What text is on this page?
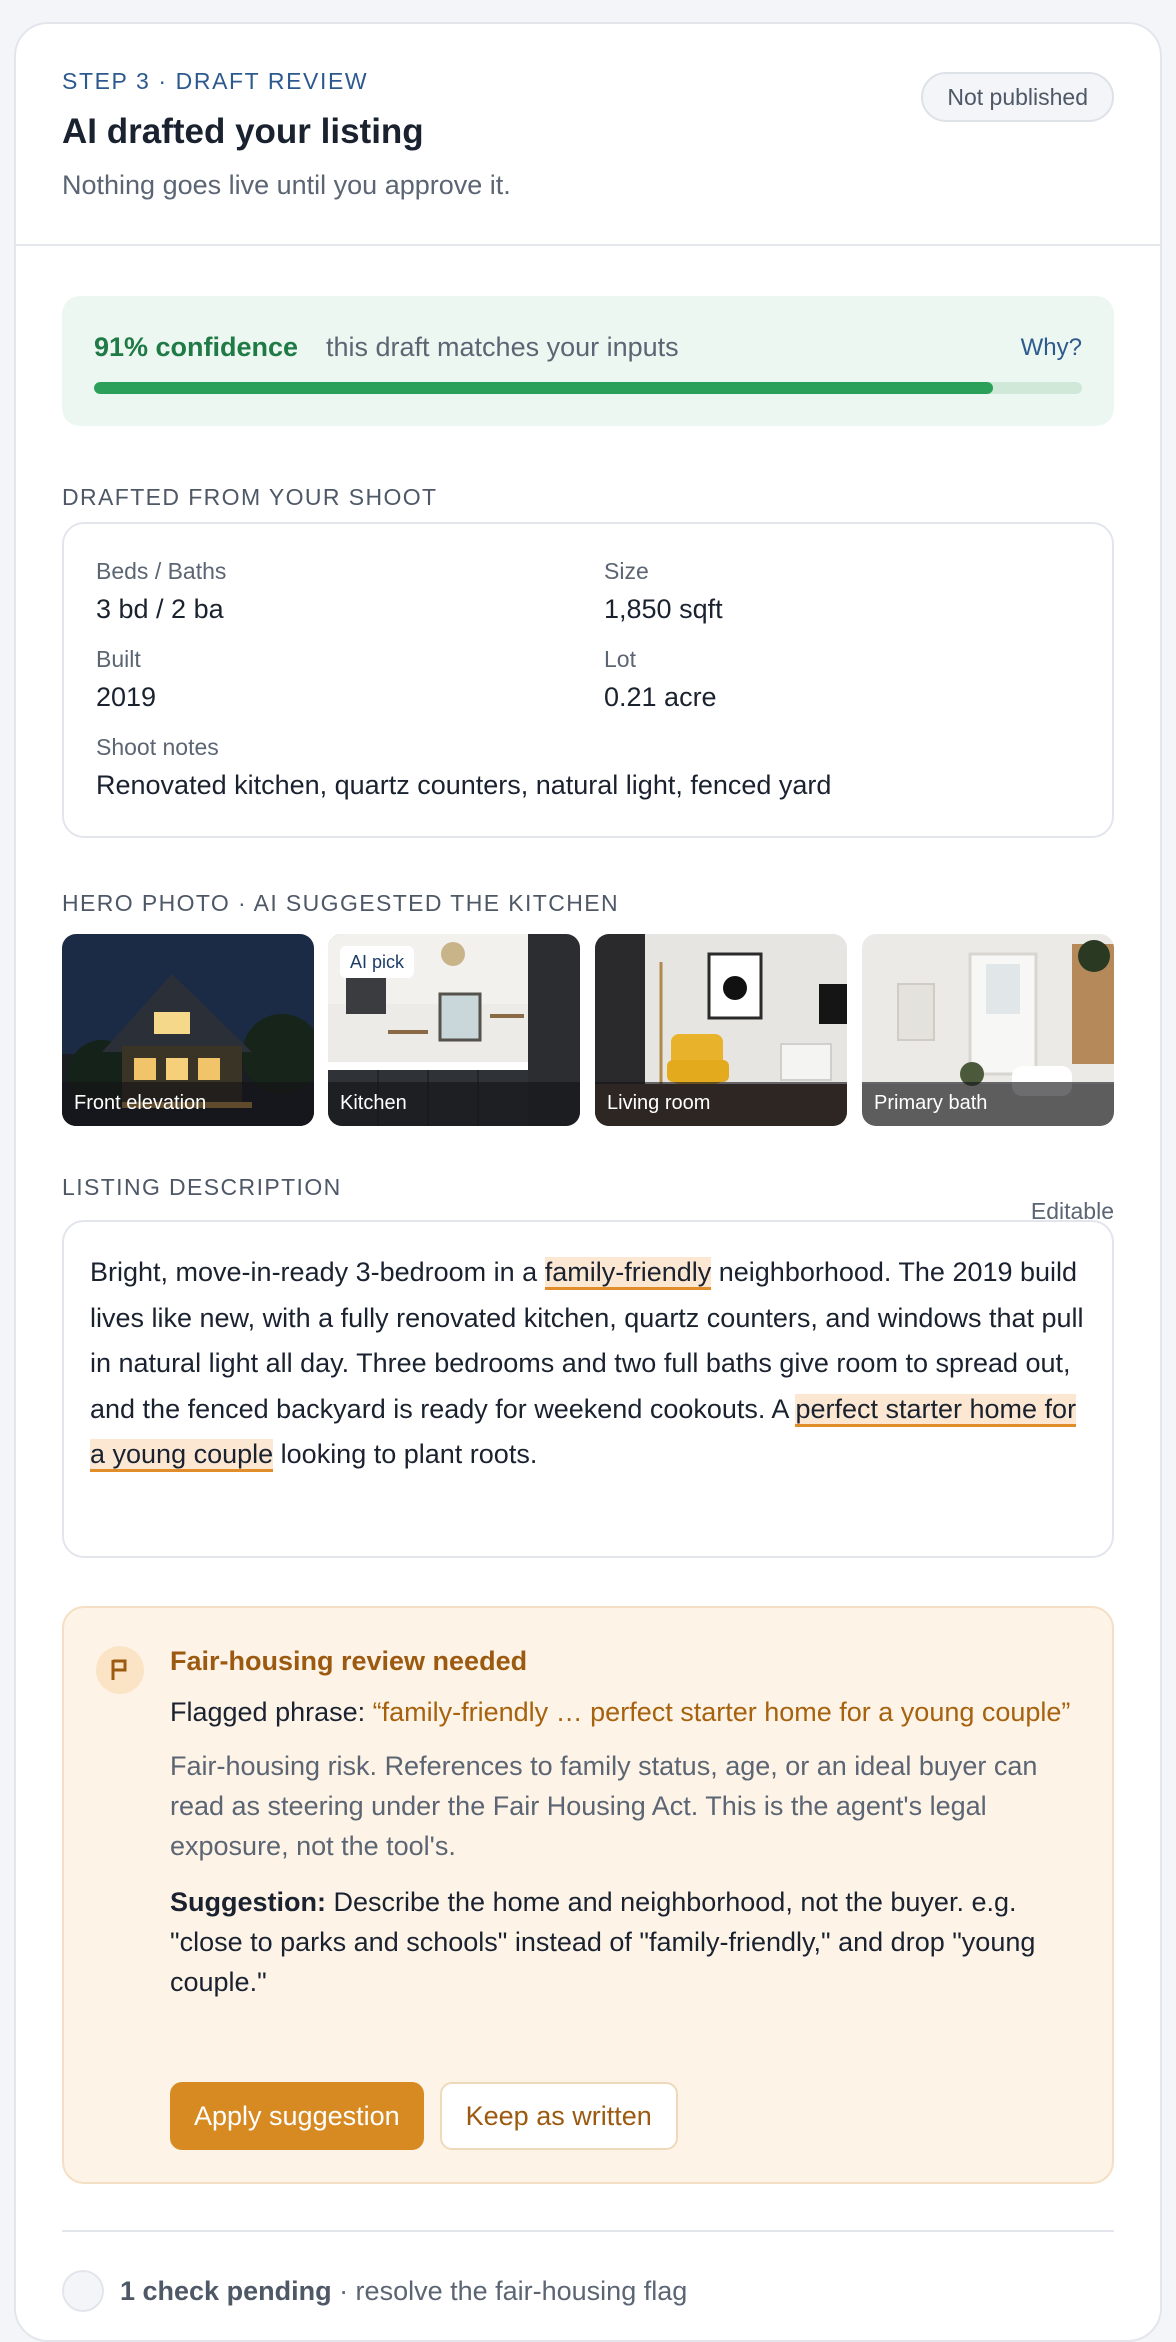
STEP 3 · DRAFT REVIEW
AI drafted your listing
Nothing goes live until you approve it.
Not published
91% confidence this draft matches your inputs	Why?
DRAFTED FROM YOUR SHOOT
Beds / Baths
3 bd / 2 ba
Size
1,850 sqft
Built
2019
Lot
0.21 acre
Shoot notes
Renovated kitchen, quartz counters, natural light, fenced yard
HERO PHOTO · AI SUGGESTED THE KITCHEN
Front elevation
AI pick
Kitchen	Living room	Primary bath
LISTING DESCRIPTION
Editable
Bright, move-in-ready 3-bedroom in a family-friendly neighborhood. The 2019 build lives like new, with a fully renovated kitchen, quartz counters, and windows that pull in natural light all day. Three bedrooms and two full baths give room to spread out, and the fenced backyard is ready for weekend cookouts. A perfect starter home for a young couple looking to plant roots.
Fair-housing review needed
Flagged phrase: “family-friendly … perfect starter home for a young couple”
Fair-housing risk. References to family status, age, or an ideal buyer can read as steering under the Fair Housing Act. This is the agent's legal exposure, not the tool's.
Suggestion: Describe the home and neighborhood, not the buyer. e.g. "close to parks and schools" instead of "family-friendly," and drop "young couple."
Apply suggestion	Keep as written
1 check pending · resolve the fair-housing flag
